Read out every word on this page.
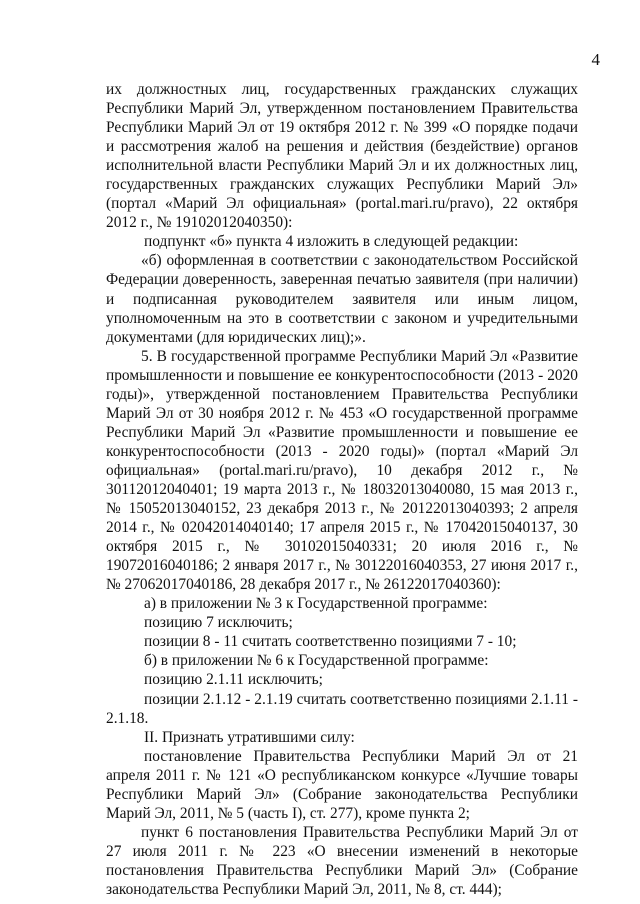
4

их должностных лиц, государственных гражданских служащих Республики Марий Эл, утвержденном постановлением Правительства Республики Марий Эл от 19 октября 2012 г. № 399 «О порядке подачи и рассмотрения жалоб на решения и действия (бездействие) органов исполнительной власти Республики Марий Эл и их должностных лиц, государственных гражданских служащих Республики Марий Эл» (портал «Марий Эл официальная» (portal.mari.ru/pravo), 22 октября 2012 г., № 19102012040350):

подпункт «б» пункта 4 изложить в следующей редакции:

«б) оформленная в соответствии с законодательством Российской Федерации доверенность, заверенная печатью заявителя (при наличии) и подписанная руководителем заявителя или иным лицом, уполномоченным на это в соответствии с законом и учредительными документами (для юридических лиц);».

5. В государственной программе Республики Марий Эл «Развитие промышленности и повышение ее конкурентоспособности (2013 - 2020 годы)», утвержденной постановлением Правительства Республики Марий Эл от 30 ноября 2012 г. № 453 «О государственной программе Республики Марий Эл «Развитие промышленности и повышение ее конкурентоспособности (2013 - 2020 годы)» (портал «Марий Эл официальная» (portal.mari.ru/pravo), 10 декабря 2012 г., № 30112012040401; 19 марта 2013 г., № 18032013040080, 15 мая 2013 г., № 15052013040152, 23 декабря 2013 г., № 20122013040393; 2 апреля 2014 г., № 02042014040140; 17 апреля 2015 г., № 17042015040137, 30 октября 2015 г., № 30102015040331; 20 июля 2016 г., № 19072016040186; 2 января 2017 г., № 30122016040353, 27 июня 2017 г., № 27062017040186, 28 декабря 2017 г., № 26122017040360):

а) в приложении № 3 к Государственной программе:

позицию 7 исключить;

позиции 8 - 11 считать соответственно позициями 7 - 10;

б) в приложении № 6 к Государственной программе:

позицию 2.1.11 исключить;

позиции 2.1.12 - 2.1.19 считать соответственно позициями 2.1.11 - 2.1.18.

II. Признать утратившими силу:

постановление Правительства Республики Марий Эл от 21 апреля 2011 г. № 121 «О республиканском конкурсе «Лучшие товары Республики Марий Эл» (Собрание законодательства Республики Марий Эл, 2011, № 5 (часть I), ст. 277), кроме пункта 2;

пункт 6 постановления Правительства Республики Марий Эл от 27 июля 2011 г. № 223 «О внесении изменений в некоторые постановления Правительства Республики Марий Эл» (Собрание законодательства Республики Марий Эл, 2011, № 8, ст. 444);
